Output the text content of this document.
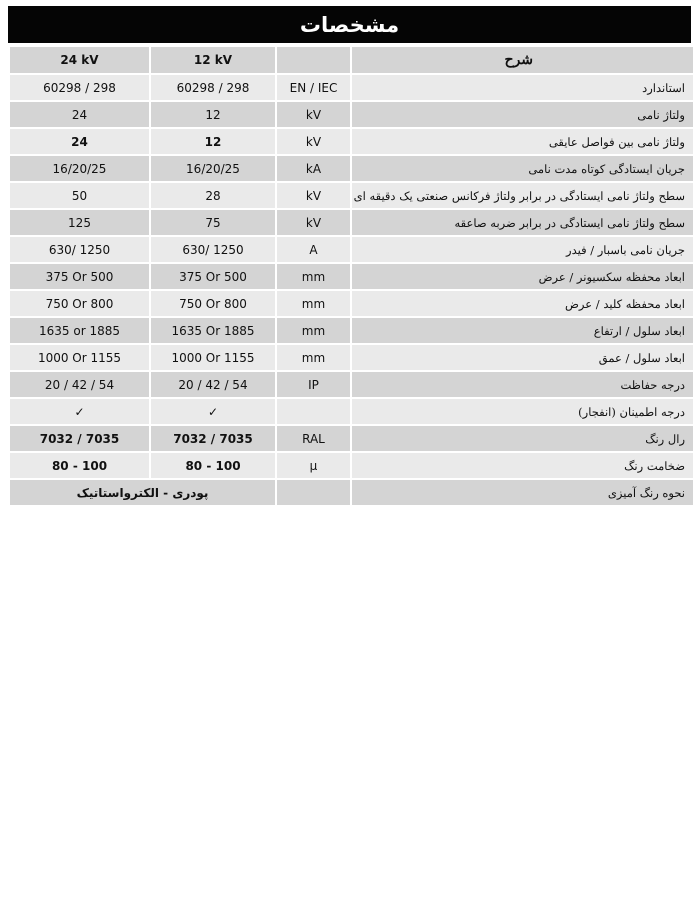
مشخصات
24 kV	12 kV		شرح
60298 / 298	60298 / 298	EN / IEC	استاندارد
24	12	kV	ولتاژ نامی
24	12	kV	ولتاژ نامی بین فواصل عایقی
16/20/25	16/20/25	kA	جریان ایستادگی کوتاه مدت نامی
50	28	kV	سطح ولتاژ نامی ایستادگی در برابر ولتاژ فرکانس صنعتی یک دقیقه ای
125	75	kV	سطح ولتاژ نامی ایستادگی در برابر ضربه صاعقه
630/ 1250	630/ 1250	A	جریان نامی باسبار / فیدر
375 Or 500	375 Or 500	mm	ابعاد محفظه سکسیونر / عرض
750 Or 800	750 Or 800	mm	ابعاد محفظه کلید / عرض
1635 or 1885	1635 Or 1885	mm	ابعاد سلول / ارتفاع
1000 Or 1155	1000 Or 1155	mm	ابعاد سلول / عمق
20 / 42 / 54	20 / 42 / 54	IP	درجه حفاظت
✓	✓		درجه اطمینان (انفجار)
7032 / 7035	7032 / 7035	RAL	رال رنگ
80 - 100	80 - 100	μ	ضخامت رنگ
پودری - الکترواستاتیک			نحوه رنگ آمیزی
